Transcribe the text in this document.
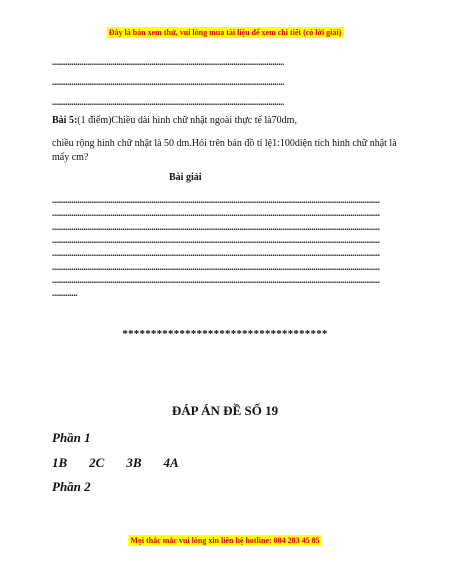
Đây là bản xem thử, vui lòng mua tài liệu để xem chi tiết (có lời giải)
.......................................................................................................................
.......................................................................................................................
.......................................................................................................................
Bài 5:(1 điểm)Chiều dài hình chữ nhật ngoài thực tế là70dm,
chiều rộng hình chữ nhật là 50 dm.Hỏi trên bản đồ tỉ lệ1:100diện tích hình chữ nhật là mấy cm?
Bài giải
........................................................................................................................................................................
........................................................................................................................................................................
........................................................................................................................................................................
........................................................................................................................................................................
........................................................................................................................................................................
........................................................................................................................................................................
........................................................................................................................................................................
.............
************************************
ĐÁP ÁN ĐỀ SỐ 19
Phần 1
1B 2C 3B 4A
Phần 2
Mọi thắc mắc vui lòng xin liên hệ hotline: 084 283 45 85
